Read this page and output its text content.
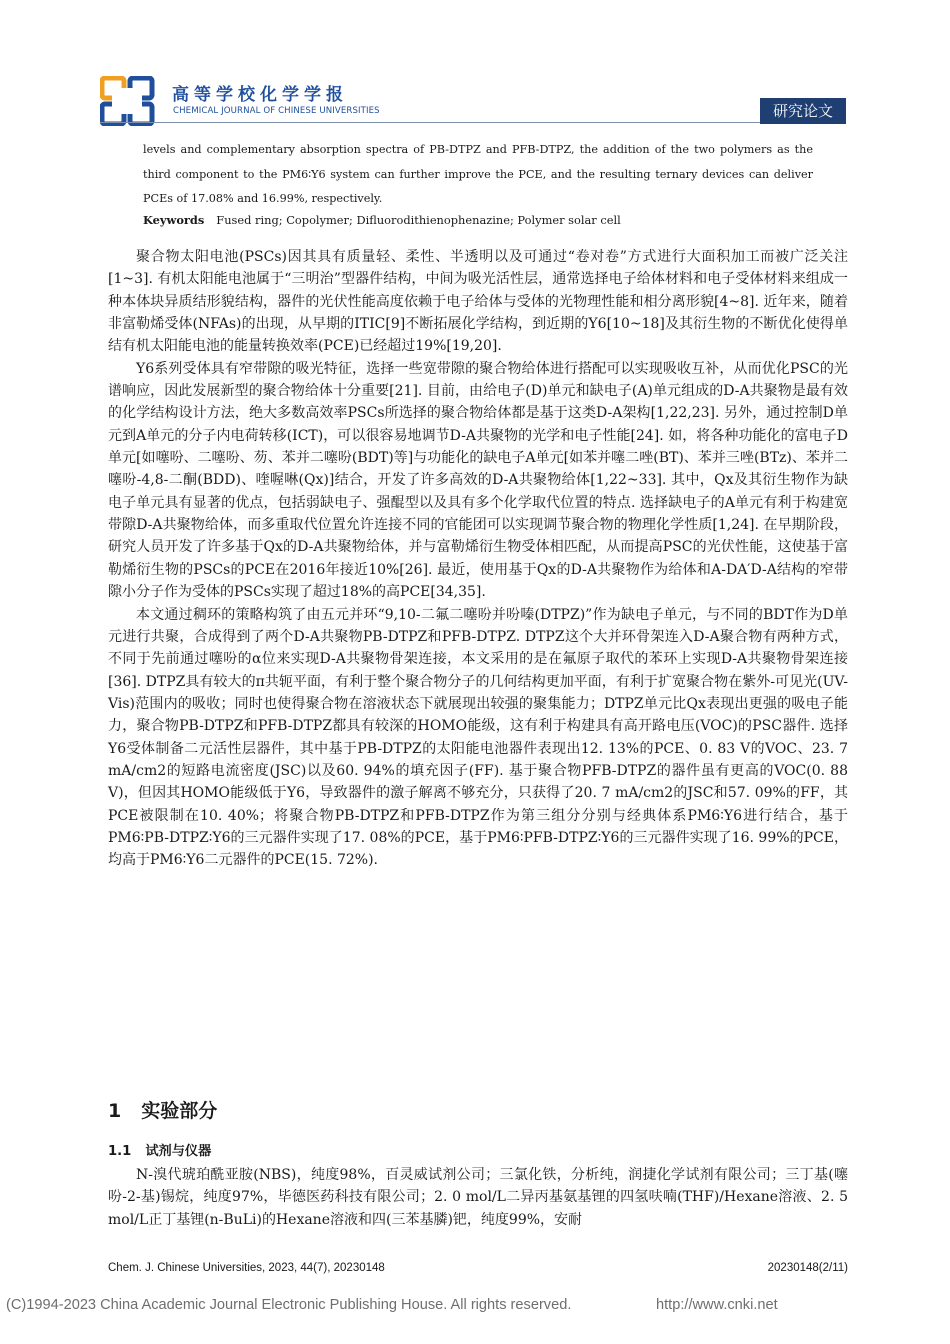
高等学校化学学报
CHEMICAL JOURNAL OF CHINESE UNIVERSITIES	研究论文

levels and complementary absorption spectra of PB-DTPZ and PFB-DTPZ, the addition of the two polymers as the third component to the PM6∶Y6 system can further improve the PCE, and the resulting ternary devices can deliver PCEs of 17.08% and 16.99%, respectively.

Keywords Fused ring; Copolymer; Difluorodithienophenazine; Polymer solar cell

聚合物太阳电池(PSCs)因其具有质量轻、柔性、半透明以及可通过“卷对卷”方式进行大面积加工而被广泛关注[1~3]. 有机太阳能电池属于“三明治”型器件结构，中间为吸光活性层，通常选择电子给体材料和电子受体材料来组成一种本体块异质结形貌结构，器件的光伏性能高度依赖于电子给体与受体的光物理性能和相分离形貌[4~8]. 近年来，随着非富勒烯受体(NFAs)的出现，从早期的ITIC[9]不断拓展化学结构，到近期的Y6[10~18]及其衍生物的不断优化使得单结有机太阳能电池的能量转换效率(PCE)已经超过19%[19,20].

Y6系列受体具有窄带隙的吸光特征，选择一些宽带隙的聚合物给体进行搭配可以实现吸收互补，从而优化PSC的光谱响应，因此发展新型的聚合物给体十分重要[21]. 目前，由给电子(D)单元和缺电子(A)单元组成的D-A共聚物是最有效的化学结构设计方法，绝大多数高效率PSCs所选择的聚合物给体都是基于这类D-A架构[1,22,23]. 另外，通过控制D单元到A单元的分子内电荷转移(ICT)，可以很容易地调节D-A共聚物的光学和电子性能[24]. 如，将各种功能化的富电子D单元[如噻吩、二噻吩、芴、苯并二噻吩(BDT)等]与功能化的缺电子A单元[如苯并噻二唑(BT)、苯并三唑(BTz)、苯并二噻吩-4,8-二酮(BDD)、喹喔啉(Qx)]结合，开发了许多高效的D-A共聚物给体[1,22~33]. 其中，Qx及其衍生物作为缺电子单元具有显著的优点，包括弱缺电子、强醌型以及具有多个化学取代位置的特点. 选择缺电子的A单元有利于构建宽带隙D-A共聚物给体，而多重取代位置允许连接不同的官能团可以实现调节聚合物的物理化学性质[1,24]. 在早期阶段，研究人员开发了许多基于Qx的D-A共聚物给体，并与富勒烯衍生物受体相匹配，从而提高PSC的光伏性能，这使基于富勒烯衍生物的PSCs的PCE在2016年接近10%[26]. 最近，使用基于Qx的D-A共聚物作为给体和A-DA′D-A结构的窄带隙小分子作为受体的PSCs实现了超过18%的高PCE[34,35].

本文通过稠环的策略构筑了由五元并环“9,10-二氟二噻吩并吩嗪(DTPZ)”作为缺电子单元，与不同的BDT作为D单元进行共聚，合成得到了两个D-A共聚物PB-DTPZ和PFB-DTPZ. DTPZ这个大并环骨架连入D-A聚合物有两种方式，不同于先前通过噻吩的α位来实现D-A共聚物骨架连接，本文采用的是在氟原子取代的苯环上实现D-A共聚物骨架连接[36]. DTPZ具有较大的π共轭平面，有利于整个聚合物分子的几何结构更加平面，有利于扩宽聚合物在紫外-可见光(UV-Vis)范围内的吸收；同时也使得聚合物在溶液状态下就展现出较强的聚集能力；DTPZ单元比Qx表现出更强的吸电子能力，聚合物PB-DTPZ和PFB-DTPZ都具有较深的HOMO能级，这有利于构建具有高开路电压(VOC)的PSC器件. 选择Y6受体制备二元活性层器件，其中基于PB-DTPZ的太阳能电池器件表现出12. 13%的PCE、0. 83 V的VOC、23. 7 mA/cm2的短路电流密度(JSC)以及60. 94%的填充因子(FF). 基于聚合物PFB-DTPZ的器件虽有更高的VOC(0. 88 V)，但因其HOMO能级低于Y6，导致器件的激子解离不够充分，只获得了20. 7 mA/cm2的JSC和57. 09%的FF，其PCE被限制在10. 40%；将聚合物PB-DTPZ和PFB-DTPZ作为第三组分分别与经典体系PM6∶Y6进行结合，基于PM6∶PB-DTPZ∶Y6的三元器件实现了17. 08%的PCE，基于PM6∶PFB-DTPZ∶Y6的三元器件实现了16. 99%的PCE，均高于PM6∶Y6二元器件的PCE(15. 72%).

1 实验部分
1.1 试剂与仪器

N-溴代琥珀酰亚胺(NBS)，纯度98%，百灵威试剂公司；三氯化铁，分析纯，润捷化学试剂有限公司；三丁基(噻吩-2-基)锡烷，纯度97%，毕德医药科技有限公司；2. 0 mol/L二异丙基氨基锂的四氢呋喃(THF)/Hexane溶液、2. 5 mol/L正丁基锂(n-BuLi)的Hexane溶液和四(三苯基膦)钯，纯度99%，安耐

Chem. J. Chinese Universities, 2023, 44(7), 20230148	20230148(2/11)
(C)1994-2023 China Academic Journal Electronic Publishing House. All rights reserved.	http://www.cnki.net
